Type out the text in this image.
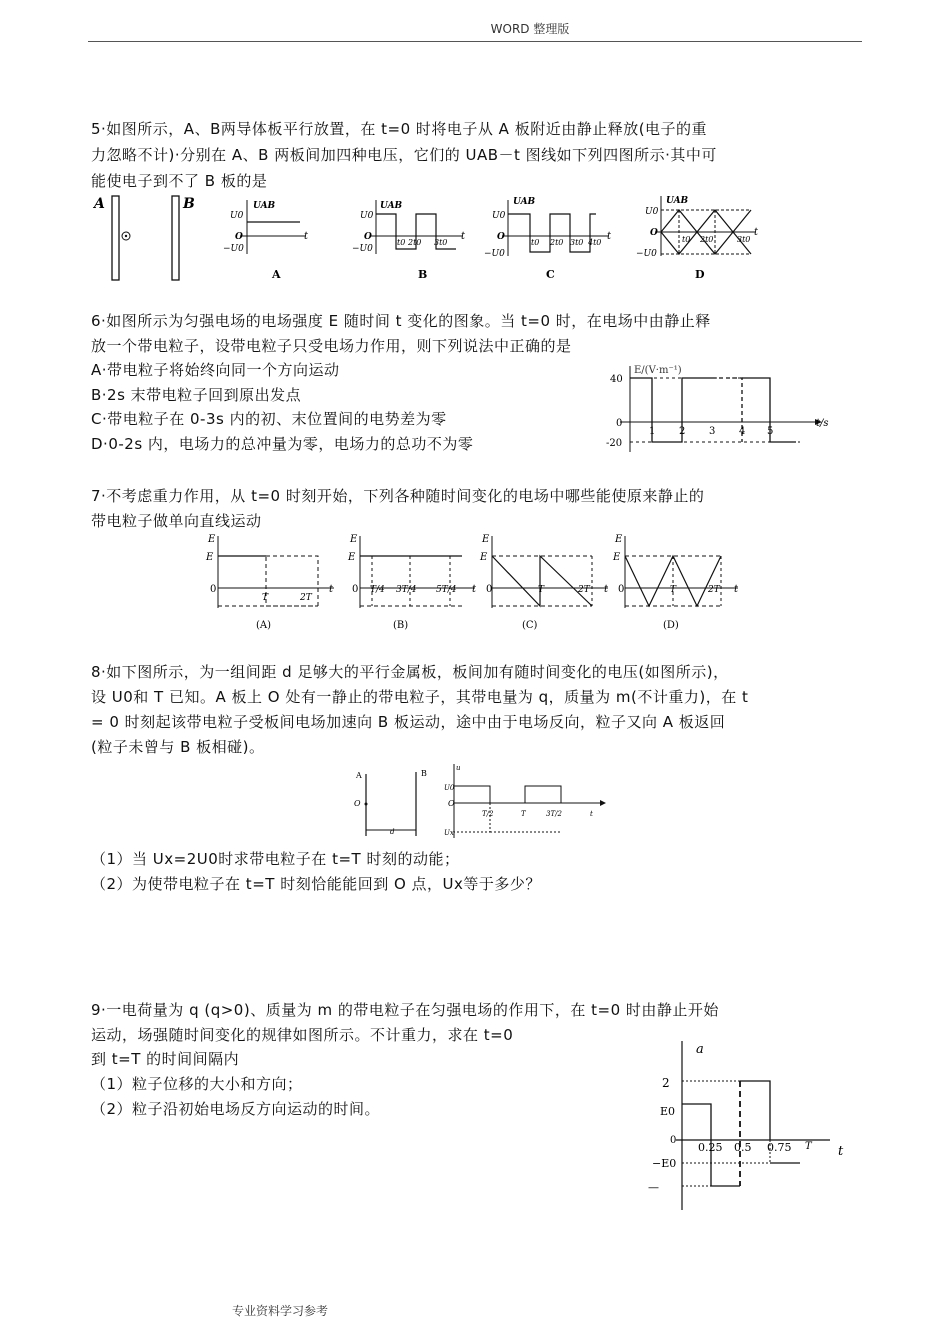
WORD 整理版
5·如图所示，A、B两导体板平行放置，在 t=0 时将电子从 A 板附近由静止释放(电子的重
力忽略不计)·分别在 A、B 两板间加四种电压，它们的 UAB－t 图线如下列四图所示·其中可
能使电子到不了 B 板的是
A	B	UAB
U0
O
−U0
t
A
UAB
U0
O
−U0
t0 2t0 3t0
t
B
UAB
U0
O
−U0
t0 2t0 3t0 4t0
t
C
UAB
U0
O
−U0
t0 2t0	3t0
t
D
6·如图所示为匀强电场的电场强度 E 随时间 t 变化的图象。当 t=0 时，在电场中由静止释
放一个带电粒子，设带电粒子只受电场力作用，则下列说法中正确的是
A·带电粒子将始终向同一个方向运动
B·2s 末带电粒子回到原出发点
C·带电粒子在 0-3s 内的初、末位置间的电势差为零
D·0-2s 内，电场力的总冲量为零，电场力的总功不为零
E/(V·m⁻¹)
40
0
-20
1 2 3 4 5
t/s
7·不考虑重力作用，从 t=0 时刻开始，下列各种随时间变化的电场中哪些能使原来静止的
带电粒子做单向直线运动
E
E
0
T	2T
t
(A)
E
E
0 T/4 3T/4 5T/4 t
(B)
E
E
0	T	2T t
(C)
E
E
0	T	2T t
(D)
8·如下图所示，为一组间距 d 足够大的平行金属板，板间加有随时间变化的电压(如图所示)，
设 U0和 T 已知。A 板上 O 处有一静止的带电粒子，其带电量为 q，质量为 m(不计重力)，在 t
= 0 时刻起该带电粒子受板间电场加速向 B 板运动，途中由于电场反向，粒子又向 A 板返回
(粒子未曾与 B 板相碰)。
A
O
B
d
u
U0
O
Ux
T/2	T	3T/2	t
（1）当 Ux=2U0时求带电粒子在 t=T 时刻的动能；
（2）为使带电粒子在 t=T 时刻恰能能回到 O 点，Ux等于多少？
9·一电荷量为 q (q>0)、质量为 m 的带电粒子在匀强电场的作用下，在 t=0 时由静止开始
运动，场强随时间变化的规律如图所示。不计重力，求在 t=0
到 t=T 的时间间隔内
（1）粒子位移的大小和方向；
（2）粒子沿初始电场反方向运动的时间。
a
2
E0
0
−E0
—
0.25 0.5 0.75 T t
专业资料学习参考
